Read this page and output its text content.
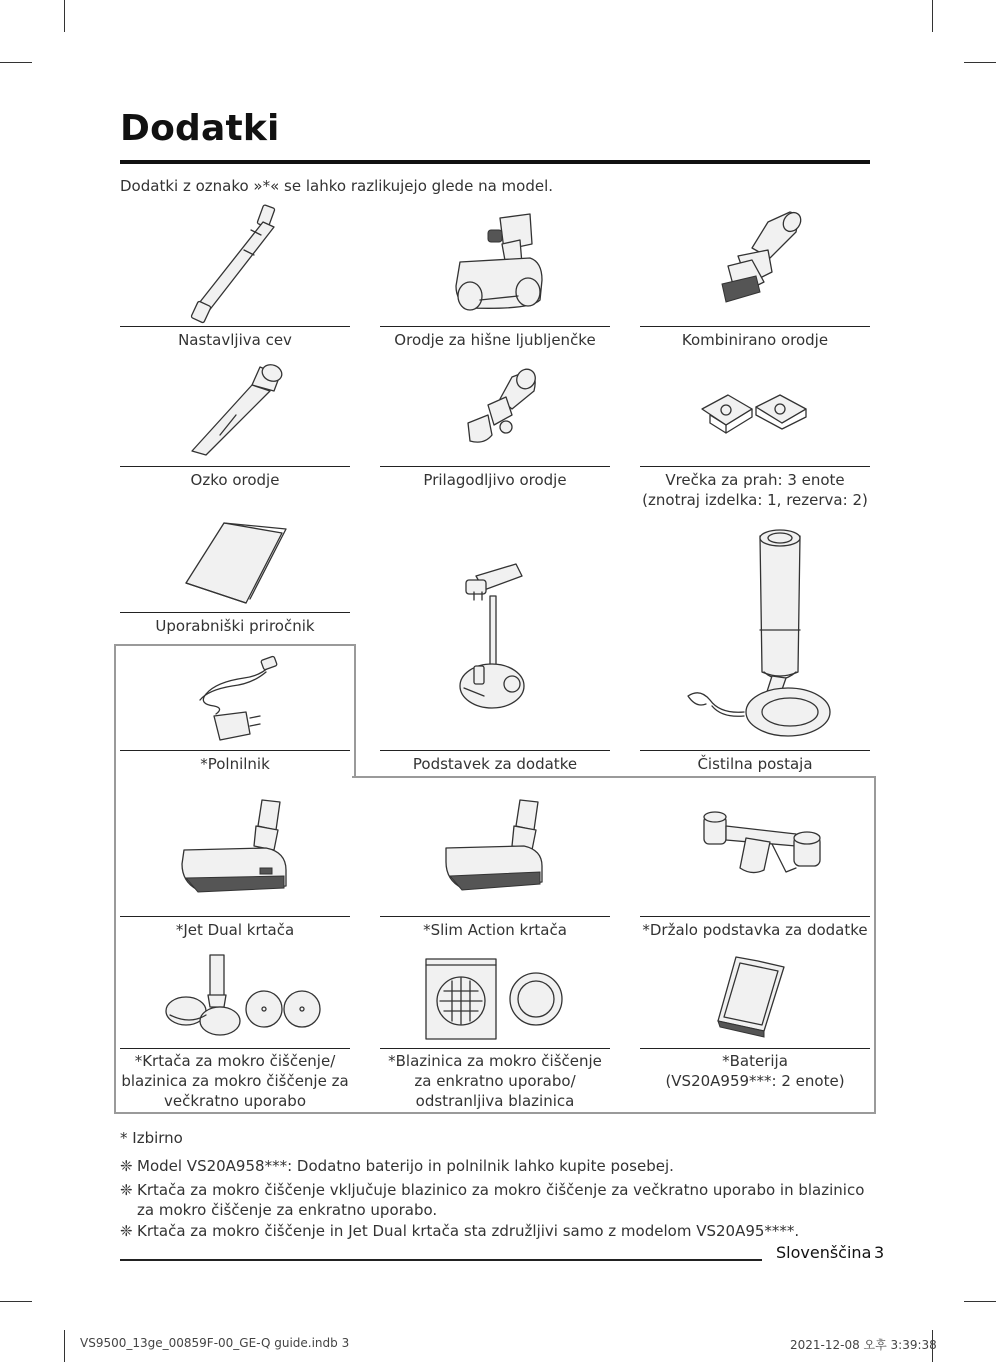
Dodatki
Dodatki z oznako »*« se lahko razlikujejo glede na model.
Nastavljiva cev	Orodje za hišne ljubljenčke	Kombinirano orodje
Ozko orodje	Prilagodljivo orodje	Vrečka za prah: 3 enote
(znotraj izdelka: 1, rezerva: 2)
Uporabniški priročnik
Podstavek za dodatke	Čistilna postaja
*Polnilnik
*Jet Dual krtača	*Slim Action krtača	*Držalo podstavka za dodatke
*Krtača za mokro čiščenje/
blazinica za mokro čiščenje za
večkratno uporabo
*Blazinica za mokro čiščenje
za enkratno uporabo/
odstranljiva blazinica
*Baterija
(VS20A959***: 2 enote)
* Izbirno
❈ Model VS20A958***: Dodatno baterijo in polnilnik lahko kupite posebej.
❈ Krtača za mokro čiščenje vključuje blazinico za mokro čiščenje za večkratno uporabo in blazinico za mokro čiščenje za enkratno uporabo.
❈ Krtača za mokro čiščenje in Jet Dual krtača sta združljivi samo z modelom VS20A95****.
Slovenščina 3
VS9500_13ge_00859F-00_GE-Q guide.indb 3	2021-12-08 오후 3:39:38
